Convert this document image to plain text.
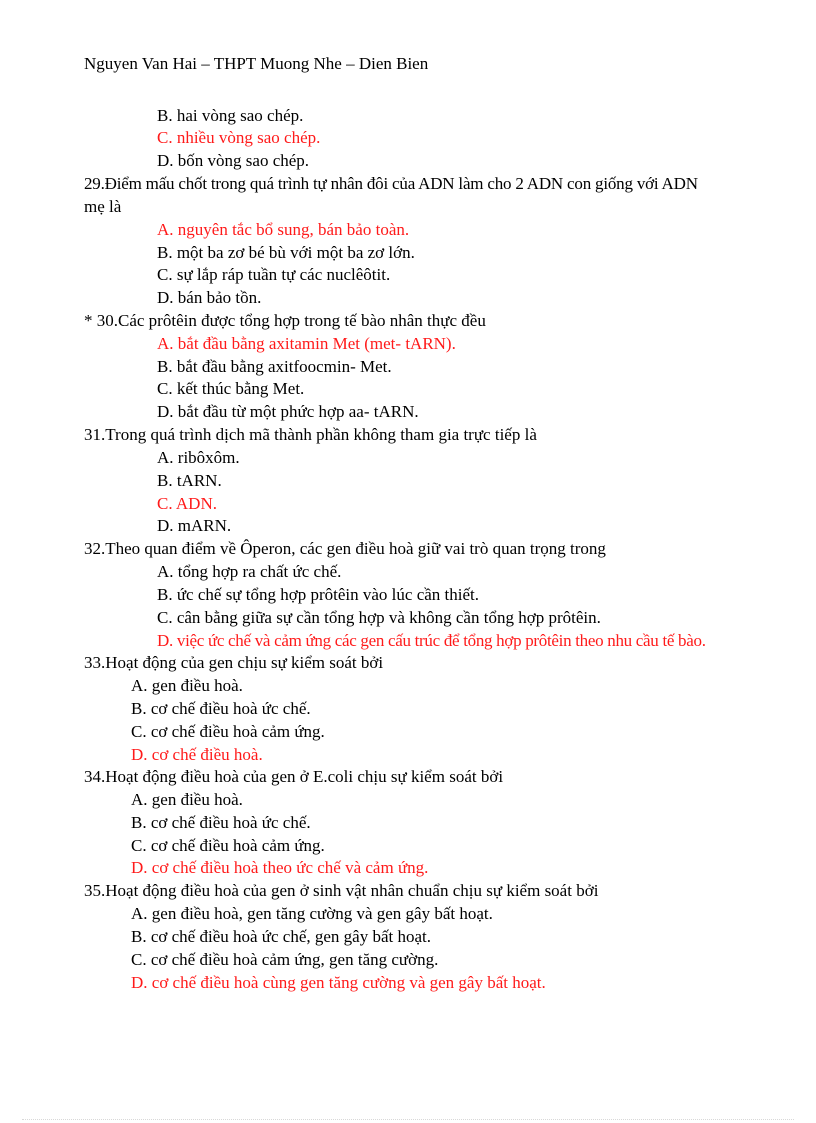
Nguyen Van Hai – THPT Muong Nhe – Dien Bien
B. hai vòng sao chép.
C. nhiều vòng sao chép.
D. bốn vòng sao chép.
29.Điểm mấu chốt trong quá trình tự nhân đôi của ADN làm cho 2 ADN con giống với ADN
mẹ là
A. nguyên tắc bổ sung, bán bảo toàn.
B. một ba zơ bé bù với một ba zơ lớn.
C. sự lắp ráp tuần tự các nuclêôtit.
D. bán bảo tồn.
* 30.Các prôtêin được tổng hợp trong tế bào nhân thực đều
A. bắt đầu bằng axitamin Met (met- tARN).
B. bắt đầu bằng axitfoocmin- Met.
C. kết thúc bằng Met.
D. bắt đầu từ một phức hợp aa- tARN.
31.Trong quá trình dịch mã thành phần không tham gia trực tiếp là
A. ribôxôm.
B. tARN.
C. ADN.
D. mARN.
32.Theo quan điểm về Ôperon, các gen điều hoà giữ vai trò quan trọng trong
A. tổng hợp ra chất ức chế.
B. ức chế sự tổng hợp prôtêin vào lúc cần thiết.
C. cân bằng giữa sự cần tổng hợp và không cần tổng hợp prôtêin.
D. việc ức chế và cảm ứng các gen cấu trúc để tổng hợp prôtêin theo nhu cầu tế bào.
33.Hoạt động của gen chịu sự kiểm soát bởi
A. gen điều hoà.
B. cơ chế điều hoà ức chế.
C. cơ chế điều hoà cảm ứng.
D. cơ chế điều hoà.
34.Hoạt động điều hoà của gen ở E.coli chịu sự kiểm soát bởi
A. gen điều hoà.
B. cơ chế điều hoà ức chế.
C. cơ chế điều hoà cảm ứng.
D. cơ chế điều hoà theo ức chế và cảm ứng.
35.Hoạt động điều hoà của gen ở sinh vật nhân chuẩn chịu sự kiểm soát bởi
A. gen điều hoà, gen tăng cường và gen gây bất hoạt.
B. cơ chế điều hoà ức chế, gen gây bất hoạt.
C. cơ chế điều hoà cảm ứng, gen tăng cường.
D. cơ chế điều hoà cùng gen tăng cường và gen gây bất hoạt.
